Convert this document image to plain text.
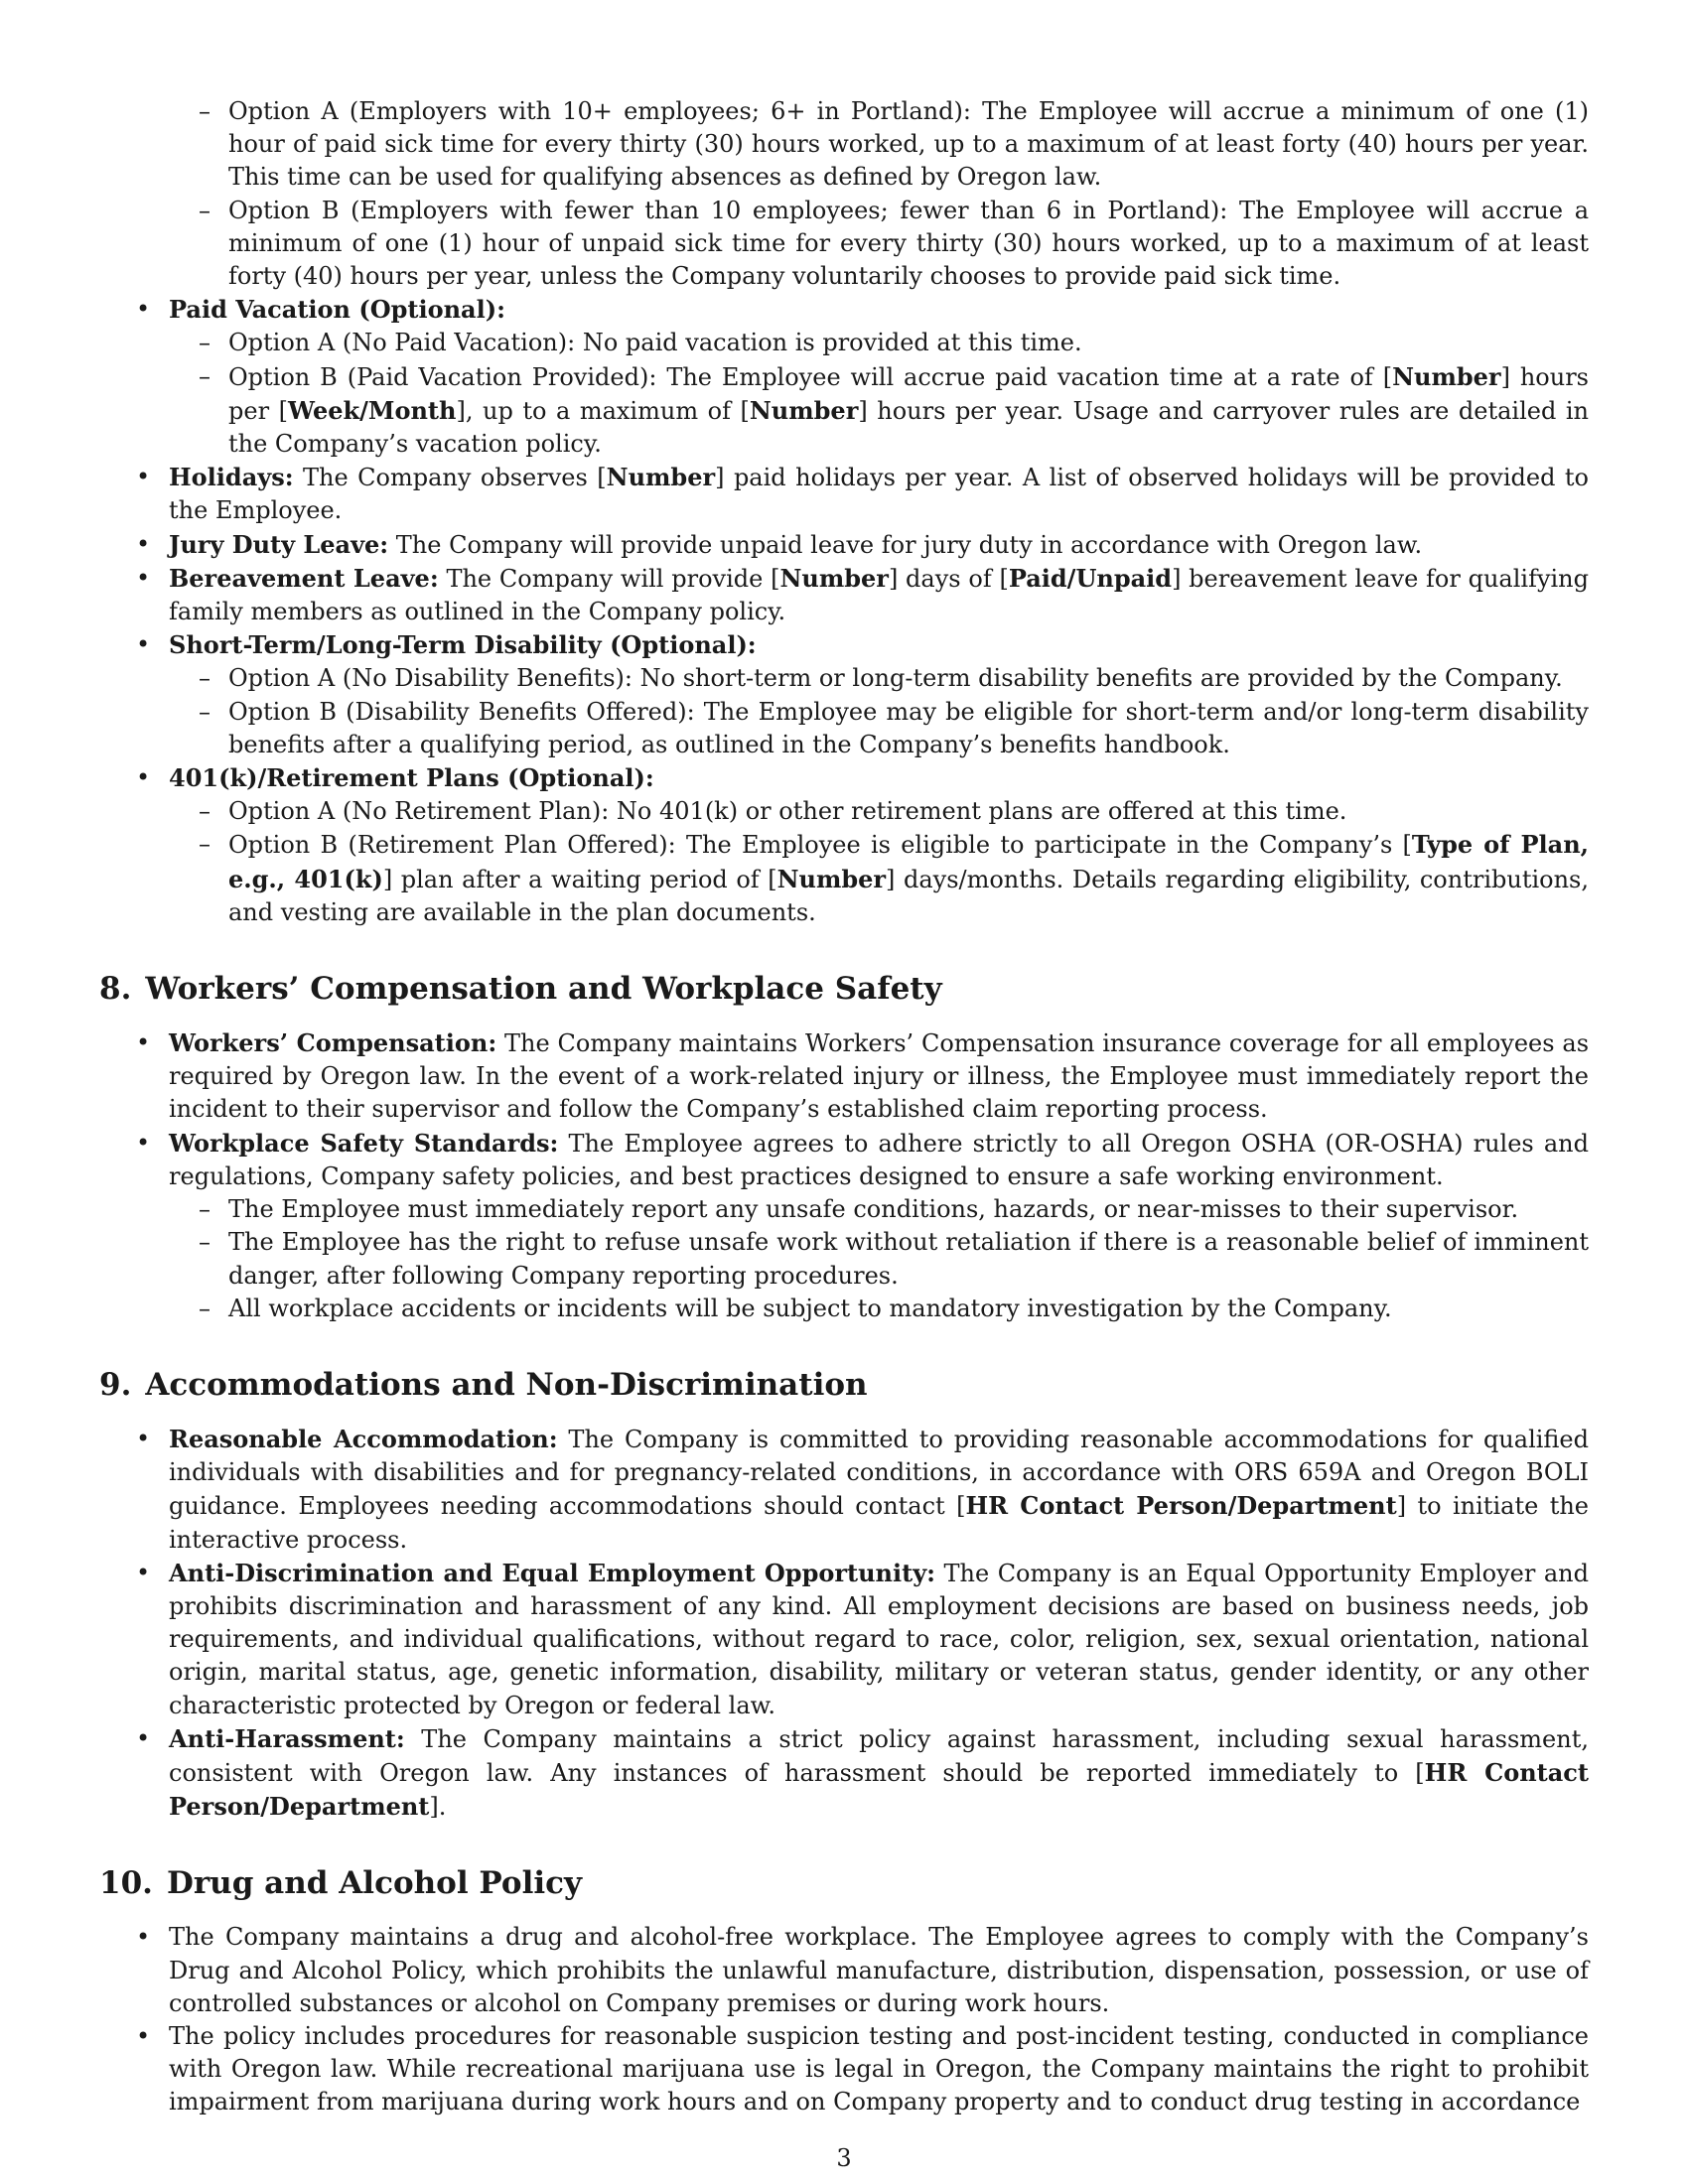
– Option A (Employers with 10+ employees; 6+ in Portland): The Employee will accrue a minimum of one (1) hour of paid sick time for every thirty (30) hours worked, up to a maximum of at least forty (40) hours per year. This time can be used for qualifying absences as defined by Oregon law.
– Option B (Employers with fewer than 10 employees; fewer than 6 in Portland): The Employee will accrue a minimum of one (1) hour of unpaid sick time for every thirty (30) hours worked, up to a maximum of at least forty (40) hours per year, unless the Company voluntarily chooses to provide paid sick time.
• Paid Vacation (Optional):
– Option A (No Paid Vacation): No paid vacation is provided at this time.
– Option B (Paid Vacation Provided): The Employee will accrue paid vacation time at a rate of [Number] hours per [Week/Month], up to a maximum of [Number] hours per year. Usage and carryover rules are detailed in the Company’s vacation policy.
• Holidays: The Company observes [Number] paid holidays per year. A list of observed holidays will be provided to the Employee.
• Jury Duty Leave: The Company will provide unpaid leave for jury duty in accordance with Oregon law.
• Bereavement Leave: The Company will provide [Number] days of [Paid/Unpaid] bereavement leave for qualifying family members as outlined in the Company policy.
• Short-Term/Long-Term Disability (Optional):
– Option A (No Disability Benefits): No short-term or long-term disability benefits are provided by the Company.
– Option B (Disability Benefits Offered): The Employee may be eligible for short-term and/or long-term disability benefits after a qualifying period, as outlined in the Company’s benefits handbook.
• 401(k)/Retirement Plans (Optional):
– Option A (No Retirement Plan): No 401(k) or other retirement plans are offered at this time.
– Option B (Retirement Plan Offered): The Employee is eligible to participate in the Company’s [Type of Plan, e.g., 401(k)] plan after a waiting period of [Number] days/months. Details regarding eligibility, contributions, and vesting are available in the plan documents.
8. Workers’ Compensation and Workplace Safety
• Workers’ Compensation: The Company maintains Workers’ Compensation insurance coverage for all employees as required by Oregon law. In the event of a work-related injury or illness, the Employee must immediately report the incident to their supervisor and follow the Company’s established claim reporting process.
• Workplace Safety Standards: The Employee agrees to adhere strictly to all Oregon OSHA (OR-OSHA) rules and regulations, Company safety policies, and best practices designed to ensure a safe working environment.
– The Employee must immediately report any unsafe conditions, hazards, or near-misses to their supervisor.
– The Employee has the right to refuse unsafe work without retaliation if there is a reasonable belief of imminent danger, after following Company reporting procedures.
– All workplace accidents or incidents will be subject to mandatory investigation by the Company.
9. Accommodations and Non-Discrimination
• Reasonable Accommodation: The Company is committed to providing reasonable accommodations for qualified individuals with disabilities and for pregnancy-related conditions, in accordance with ORS 659A and Oregon BOLI guidance. Employees needing accommodations should contact [HR Contact Person/Department] to initiate the interactive process.
• Anti-Discrimination and Equal Employment Opportunity: The Company is an Equal Opportunity Employer and prohibits discrimination and harassment of any kind. All employment decisions are based on business needs, job requirements, and individual qualifications, without regard to race, color, religion, sex, sexual orientation, national origin, marital status, age, genetic information, disability, military or veteran status, gender identity, or any other characteristic protected by Oregon or federal law.
• Anti-Harassment: The Company maintains a strict policy against harassment, including sexual harassment, consistent with Oregon law. Any instances of harassment should be reported immediately to [HR Contact Person/Department].
10. Drug and Alcohol Policy
• The Company maintains a drug and alcohol-free workplace. The Employee agrees to comply with the Company’s Drug and Alcohol Policy, which prohibits the unlawful manufacture, distribution, dispensation, possession, or use of controlled substances or alcohol on Company premises or during work hours.
• The policy includes procedures for reasonable suspicion testing and post-incident testing, conducted in compliance with Oregon law. While recreational marijuana use is legal in Oregon, the Company maintains the right to prohibit impairment from marijuana during work hours and on Company property and to conduct drug testing in accordance
3
